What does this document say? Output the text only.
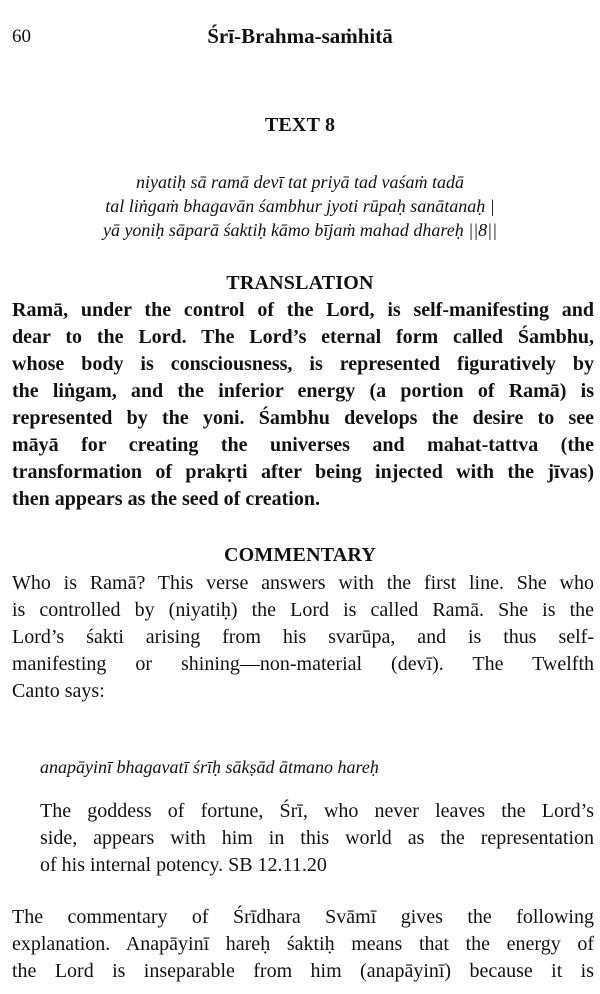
60	Śrī-Brahma-saṁhitā
TEXT 8
niyatiḥ sā ramā devī tat priyā tad vaśaṁ tadā
tal liṅgaṁ bhagavān śambhur jyoti rūpaḥ sanātanaḥ |
yā yoniḥ sāparā śaktiḥ kāmo bījaṁ mahad dhareḥ ||8||
TRANSLATION

Ramā, under the control of the Lord, is self-manifesting and
dear to the Lord. The Lord’s eternal form called Śambhu,
whose body is consciousness, is represented figuratively by
the liṅgam, and the inferior energy (a portion of Ramā) is
represented by the yoni. Śambhu develops the desire to see
māyā for creating the universes and mahat-tattva (the
transformation of prakṛti after being injected with the jīvas)
then appears as the seed of creation.

COMMENTARY

Who is Ramā? This verse answers with the first line. She who
is controlled by (niyatiḥ) the Lord is called Ramā. She is the
Lord’s śakti arising from his svarūpa, and is thus self-
manifesting or shining—non-material (devī). The Twelfth
Canto says:

anapāyinī bhagavatī śrīḥ sākṣād ātmano hareḥ
The goddess of fortune, Śrī, who never leaves the Lord’s
side, appears with him in this world as the representation
of his internal potency. SB 12.11.20

The commentary of Śrīdhara Svāmī gives the following
explanation. Anapāyinī hareḥ śaktiḥ means that the energy of
the Lord is inseparable from him (anapāyinī) because it is
